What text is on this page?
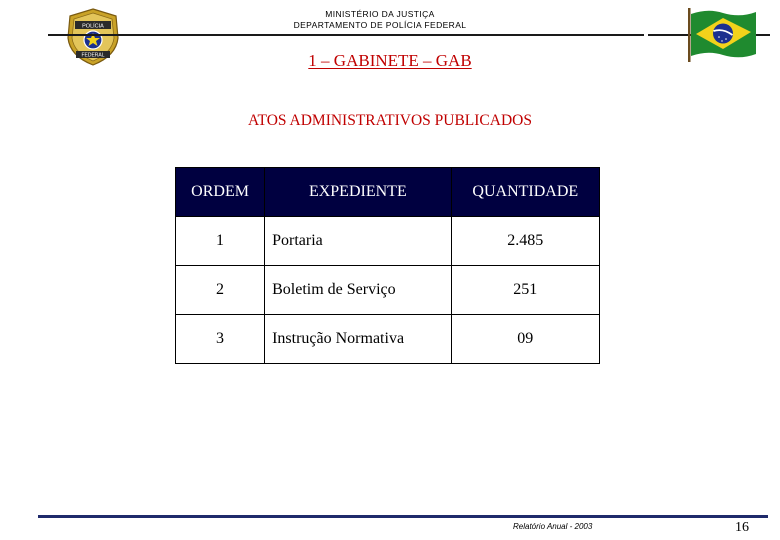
POLÍCIA
FEDERAL
MINISTÉRIO DA JUSTIÇA
DEPARTAMENTO DE POLÍCIA FEDERAL
1 – GABINETE – GAB
ATOS ADMINISTRATIVOS PUBLICADOS
ORDEM	EXPEDIENTE	QUANTIDADE
1	Portaria	2.485
2	Boletim de Serviço	251
3	Instrução Normativa	09
Relatório Anual - 2003	16
